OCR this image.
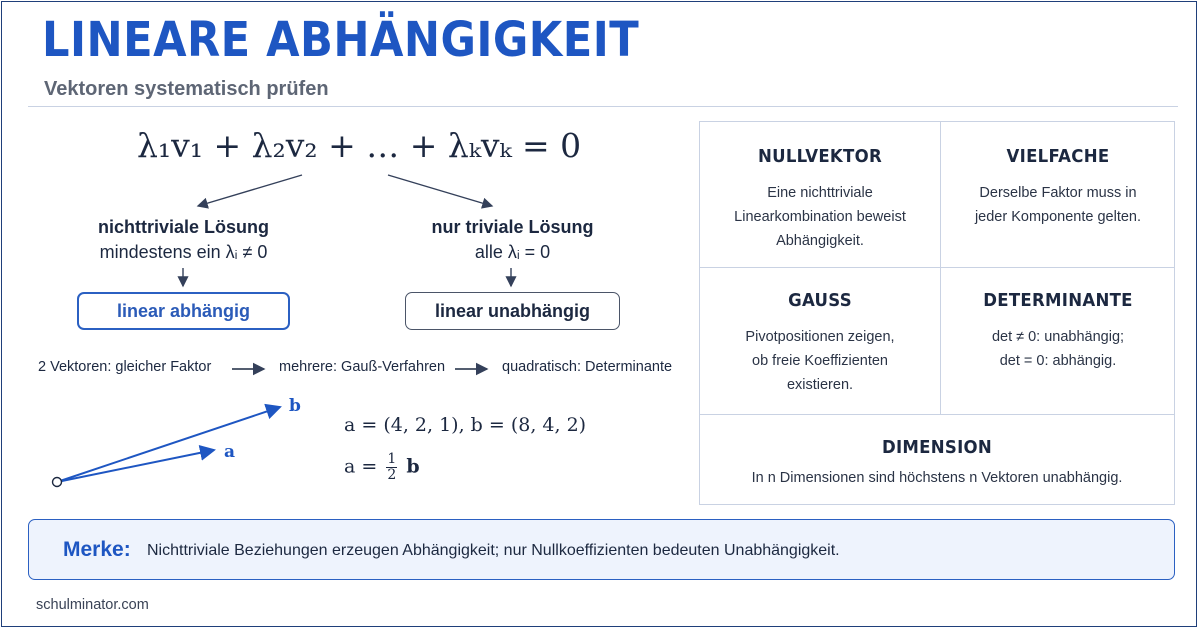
LINEARE ABHÄNGIGKEIT
Vektoren systematisch prüfen
λ₁v₁ + λ₂v₂ + … + λₖvₖ = 0
nichttriviale Lösung
mindestens ein λᵢ ≠ 0
linear abhängig
nur triviale Lösung
alle λᵢ = 0
linear unabhängig
2 Vektoren: gleicher Faktor	mehrere: Gauß-Verfahren	quadratisch: Determinante
b
a
a = (4, 2, 1), b = (8, 4, 2)
$a = \frac{1}{2}$ b
NULLVEKTOR
Eine nichttriviale
Linearkombination beweist
Abhängigkeit.
VIELFACHE
Derselbe Faktor muss in
jeder Komponente gelten.
GAUSS
Pivotpositionen zeigen,
ob freie Koeffizienten
existieren.
DETERMINANTE
det ≠ 0: unabhängig;
det = 0: abhängig.
DIMENSION
In n Dimensionen sind höchstens n Vektoren unabhängig.
Merke: Nichttriviale Beziehungen erzeugen Abhängigkeit; nur Nullkoeffizienten bedeuten Unabhängigkeit.
schulminator.com
